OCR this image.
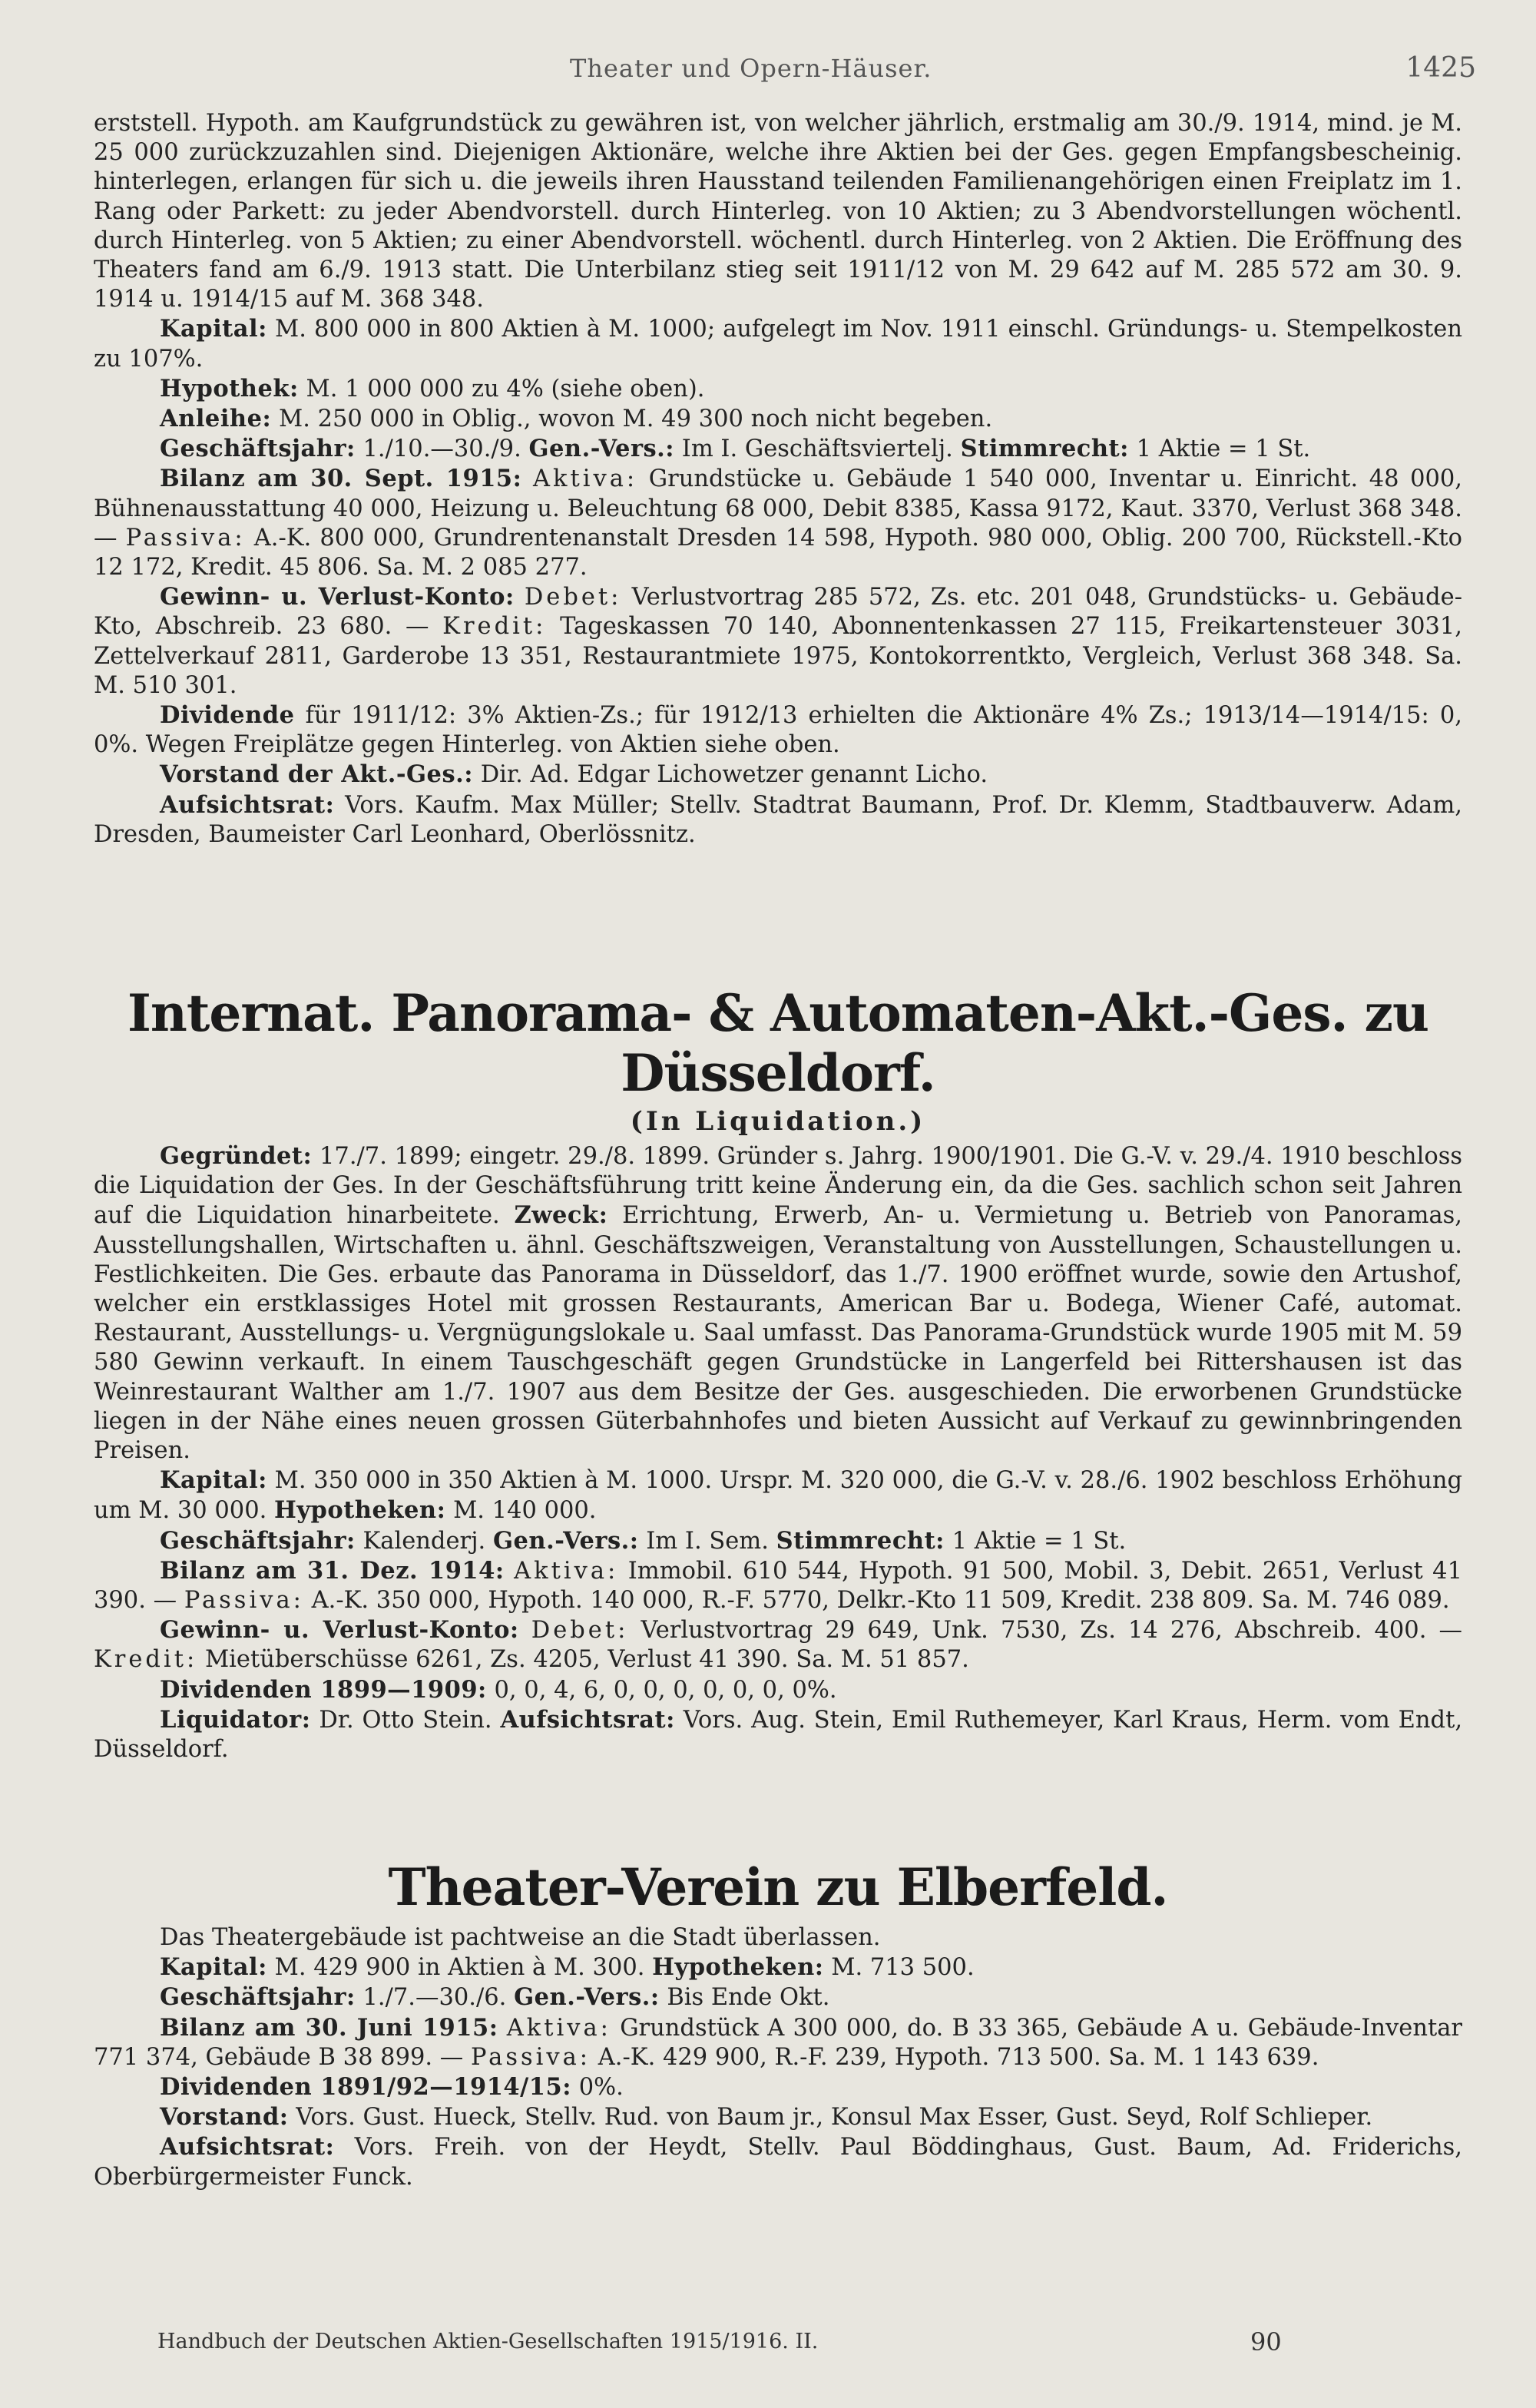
Theater und Opern-Häuser.	1425

erststell. Hypoth. am Kaufgrundstück zu gewähren ist, von welcher jährlich, erstmalig am 30./9. 1914, mind. je M. 25 000 zurückzuzahlen sind. Diejenigen Aktionäre, welche ihre Aktien bei der Ges. gegen Empfangsbescheinig. hinterlegen, erlangen für sich u. die jeweils ihren Hausstand teilenden Familienangehörigen einen Freiplatz im 1. Rang oder Parkett: zu jeder Abendvorstell. durch Hinterleg. von 10 Aktien; zu 3 Abendvorstellungen wöchentl. durch Hinterleg. von 5 Aktien; zu einer Abendvorstell. wöchentl. durch Hinterleg. von 2 Aktien. Die Eröffnung des Theaters fand am 6./9. 1913 statt. Die Unterbilanz stieg seit 1911/12 von M. 29 642 auf M. 285 572 am 30. 9. 1914 u. 1914/15 auf M. 368 348.

Kapital: M. 800 000 in 800 Aktien à M. 1000; aufgelegt im Nov. 1911 einschl. Gründungs- u. Stempelkosten zu 107%.

Hypothek: M. 1 000 000 zu 4% (siehe oben).

Anleihe: M. 250 000 in Oblig., wovon M. 49 300 noch nicht begeben.

Geschäftsjahr: 1./10.—30./9. Gen.-Vers.: Im I. Geschäftsviertelj. Stimmrecht: 1 Aktie = 1 St.

Bilanz am 30. Sept. 1915: Aktiva: Grundstücke u. Gebäude 1 540 000, Inventar u. Einricht. 48 000, Bühnenausstattung 40 000, Heizung u. Beleuchtung 68 000, Debit 8385, Kassa 9172, Kaut. 3370, Verlust 368 348. — Passiva: A.-K. 800 000, Grundrentenanstalt Dresden 14 598, Hypoth. 980 000, Oblig. 200 700, Rückstell.-Kto 12 172, Kredit. 45 806. Sa. M. 2 085 277.

Gewinn- u. Verlust-Konto: Debet: Verlustvortrag 285 572, Zs. etc. 201 048, Grundstücks- u. Gebäude-Kto, Abschreib. 23 680. — Kredit: Tageskassen 70 140, Abonnentenkassen 27 115, Freikartensteuer 3031, Zettelverkauf 2811, Garderobe 13 351, Restaurantmiete 1975, Kontokorrentkto, Vergleich, Verlust 368 348. Sa. M. 510 301.

Dividende für 1911/12: 3% Aktien-Zs.; für 1912/13 erhielten die Aktionäre 4% Zs.; 1913/14—1914/15: 0, 0%. Wegen Freiplätze gegen Hinterleg. von Aktien siehe oben.

Vorstand der Akt.-Ges.: Dir. Ad. Edgar Lichowetzer genannt Licho.

Aufsichtsrat: Vors. Kaufm. Max Müller; Stellv. Stadtrat Baumann, Prof. Dr. Klemm, Stadtbauverw. Adam, Dresden, Baumeister Carl Leonhard, Oberlössnitz.

Internat. Panorama- & Automaten-Akt.-Ges. zu Düsseldorf.
(In Liquidation.)

Gegründet: 17./7. 1899; eingetr. 29./8. 1899. Gründer s. Jahrg. 1900/1901. Die G.-V. v. 29./4. 1910 beschloss die Liquidation der Ges. In der Geschäftsführung tritt keine Änderung ein, da die Ges. sachlich schon seit Jahren auf die Liquidation hinarbeitete. Zweck: Errichtung, Erwerb, An- u. Vermietung u. Betrieb von Panoramas, Ausstellungshallen, Wirtschaften u. ähnl. Geschäftszweigen, Veranstaltung von Ausstellungen, Schaustellungen u. Festlichkeiten. Die Ges. erbaute das Panorama in Düsseldorf, das 1./7. 1900 eröffnet wurde, sowie den Artushof, welcher ein erstklassiges Hotel mit grossen Restaurants, American Bar u. Bodega, Wiener Café, automat. Restaurant, Ausstellungs- u. Vergnügungslokale u. Saal umfasst. Das Panorama-Grundstück wurde 1905 mit M. 59 580 Gewinn verkauft. In einem Tauschgeschäft gegen Grundstücke in Langerfeld bei Rittershausen ist das Weinrestaurant Walther am 1./7. 1907 aus dem Besitze der Ges. ausgeschieden. Die erworbenen Grundstücke liegen in der Nähe eines neuen grossen Güterbahnhofes und bieten Aussicht auf Verkauf zu gewinnbringenden Preisen.

Kapital: M. 350 000 in 350 Aktien à M. 1000. Urspr. M. 320 000, die G.-V. v. 28./6. 1902 beschloss Erhöhung um M. 30 000. Hypotheken: M. 140 000.

Geschäftsjahr: Kalenderj. Gen.-Vers.: Im I. Sem. Stimmrecht: 1 Aktie = 1 St.

Bilanz am 31. Dez. 1914: Aktiva: Immobil. 610 544, Hypoth. 91 500, Mobil. 3, Debit. 2651, Verlust 41 390. — Passiva: A.-K. 350 000, Hypoth. 140 000, R.-F. 5770, Delkr.-Kto 11 509, Kredit. 238 809. Sa. M. 746 089.

Gewinn- u. Verlust-Konto: Debet: Verlustvortrag 29 649, Unk. 7530, Zs. 14 276, Abschreib. 400. — Kredit: Mietüberschüsse 6261, Zs. 4205, Verlust 41 390. Sa. M. 51 857.

Dividenden 1899—1909: 0, 0, 4, 6, 0, 0, 0, 0, 0, 0, 0%.

Liquidator: Dr. Otto Stein. Aufsichtsrat: Vors. Aug. Stein, Emil Ruthemeyer, Karl Kraus, Herm. vom Endt, Düsseldorf.

Theater-Verein zu Elberfeld.

Das Theatergebäude ist pachtweise an die Stadt überlassen.

Kapital: M. 429 900 in Aktien à M. 300. Hypotheken: M. 713 500.

Geschäftsjahr: 1./7.—30./6. Gen.-Vers.: Bis Ende Okt.

Bilanz am 30. Juni 1915: Aktiva: Grundstück A 300 000, do. B 33 365, Gebäude A u. Gebäude-Inventar 771 374, Gebäude B 38 899. — Passiva: A.-K. 429 900, R.-F. 239, Hypoth. 713 500. Sa. M. 1 143 639.

Dividenden 1891/92—1914/15: 0%.

Vorstand: Vors. Gust. Hueck, Stellv. Rud. von Baum jr., Konsul Max Esser, Gust. Seyd, Rolf Schlieper.

Aufsichtsrat: Vors. Freih. von der Heydt, Stellv. Paul Böddinghaus, Gust. Baum, Ad. Friderichs, Oberbürgermeister Funck.

Handbuch der Deutschen Aktien-Gesellschaften 1915/1916. II.	90
